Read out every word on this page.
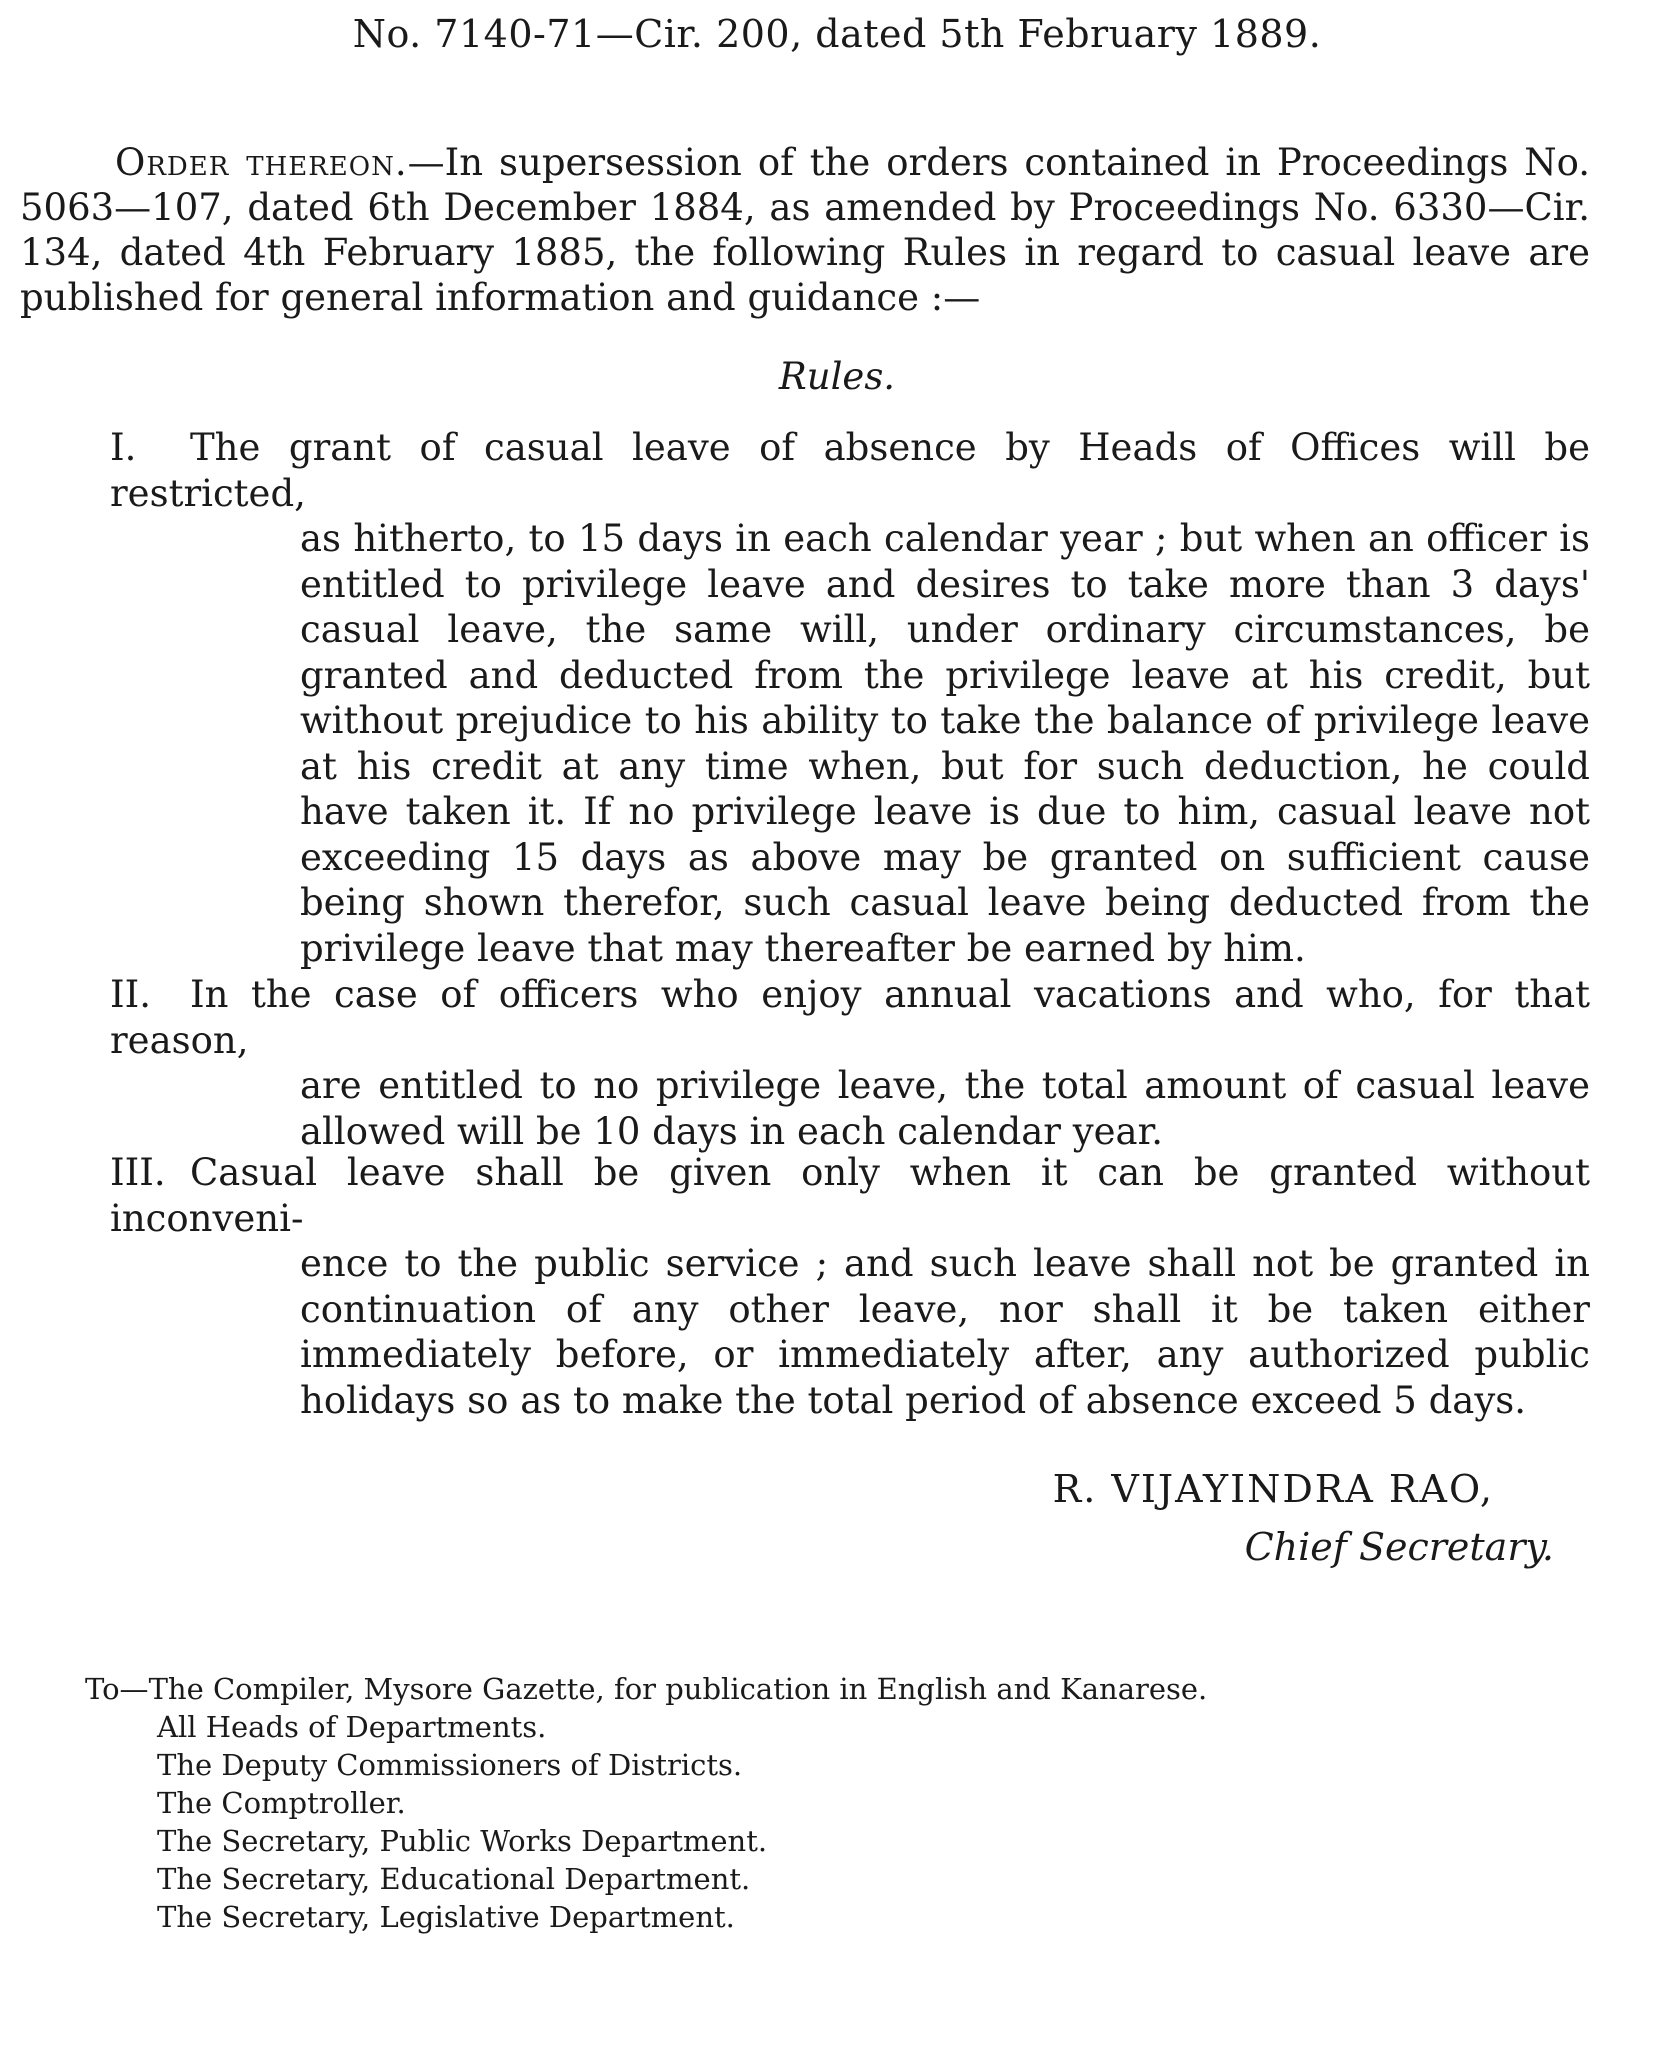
No. 7140-71—Cir. 200, dated 5th February 1889.

Order thereon.—In supersession of the orders contained in Proceedings No. 5063—107, dated 6th December 1884, as amended by Proceedings No. 6330—Cir. 134, dated 4th February 1885, the following Rules in regard to casual leave are published for general information and guidance :—

Rules.
I. The grant of casual leave of absence by Heads of Offices will be restricted,
as hitherto, to 15 days in each calendar year ; but when an officer is entitled to privilege leave and desires to take more than 3 days' casual leave, the same will, under ordinary circumstances, be granted and deducted from the privilege leave at his credit, but without prejudice to his ability to take the balance of privilege leave at his credit at any time when, but for such deduction, he could have taken it. If no privilege leave is due to him, casual leave not exceeding 15 days as above may be granted on sufficient cause being shown therefor, such casual leave being deducted from the privilege leave that may thereafter be earned by him.
II. In the case of officers who enjoy annual vacations and who, for that reason,
are entitled to no privilege leave, the total amount of casual leave allowed will be 10 days in each calendar year.
III. Casual leave shall be given only when it can be granted without inconveni-
ence to the public service ; and such leave shall not be granted in continuation of any other leave, nor shall it be taken either immediately before, or immediately after, any authorized public holidays so as to make the total period of absence exceed 5 days.
R. VIJAYINDRA RAO,
Chief Secretary.
To—The Compiler, Mysore Gazette, for publication in English and Kanarese.
All Heads of Departments.
The Deputy Commissioners of Districts.
The Comptroller.
The Secretary, Public Works Department.
The Secretary, Educational Department.
The Secretary, Legislative Department.
